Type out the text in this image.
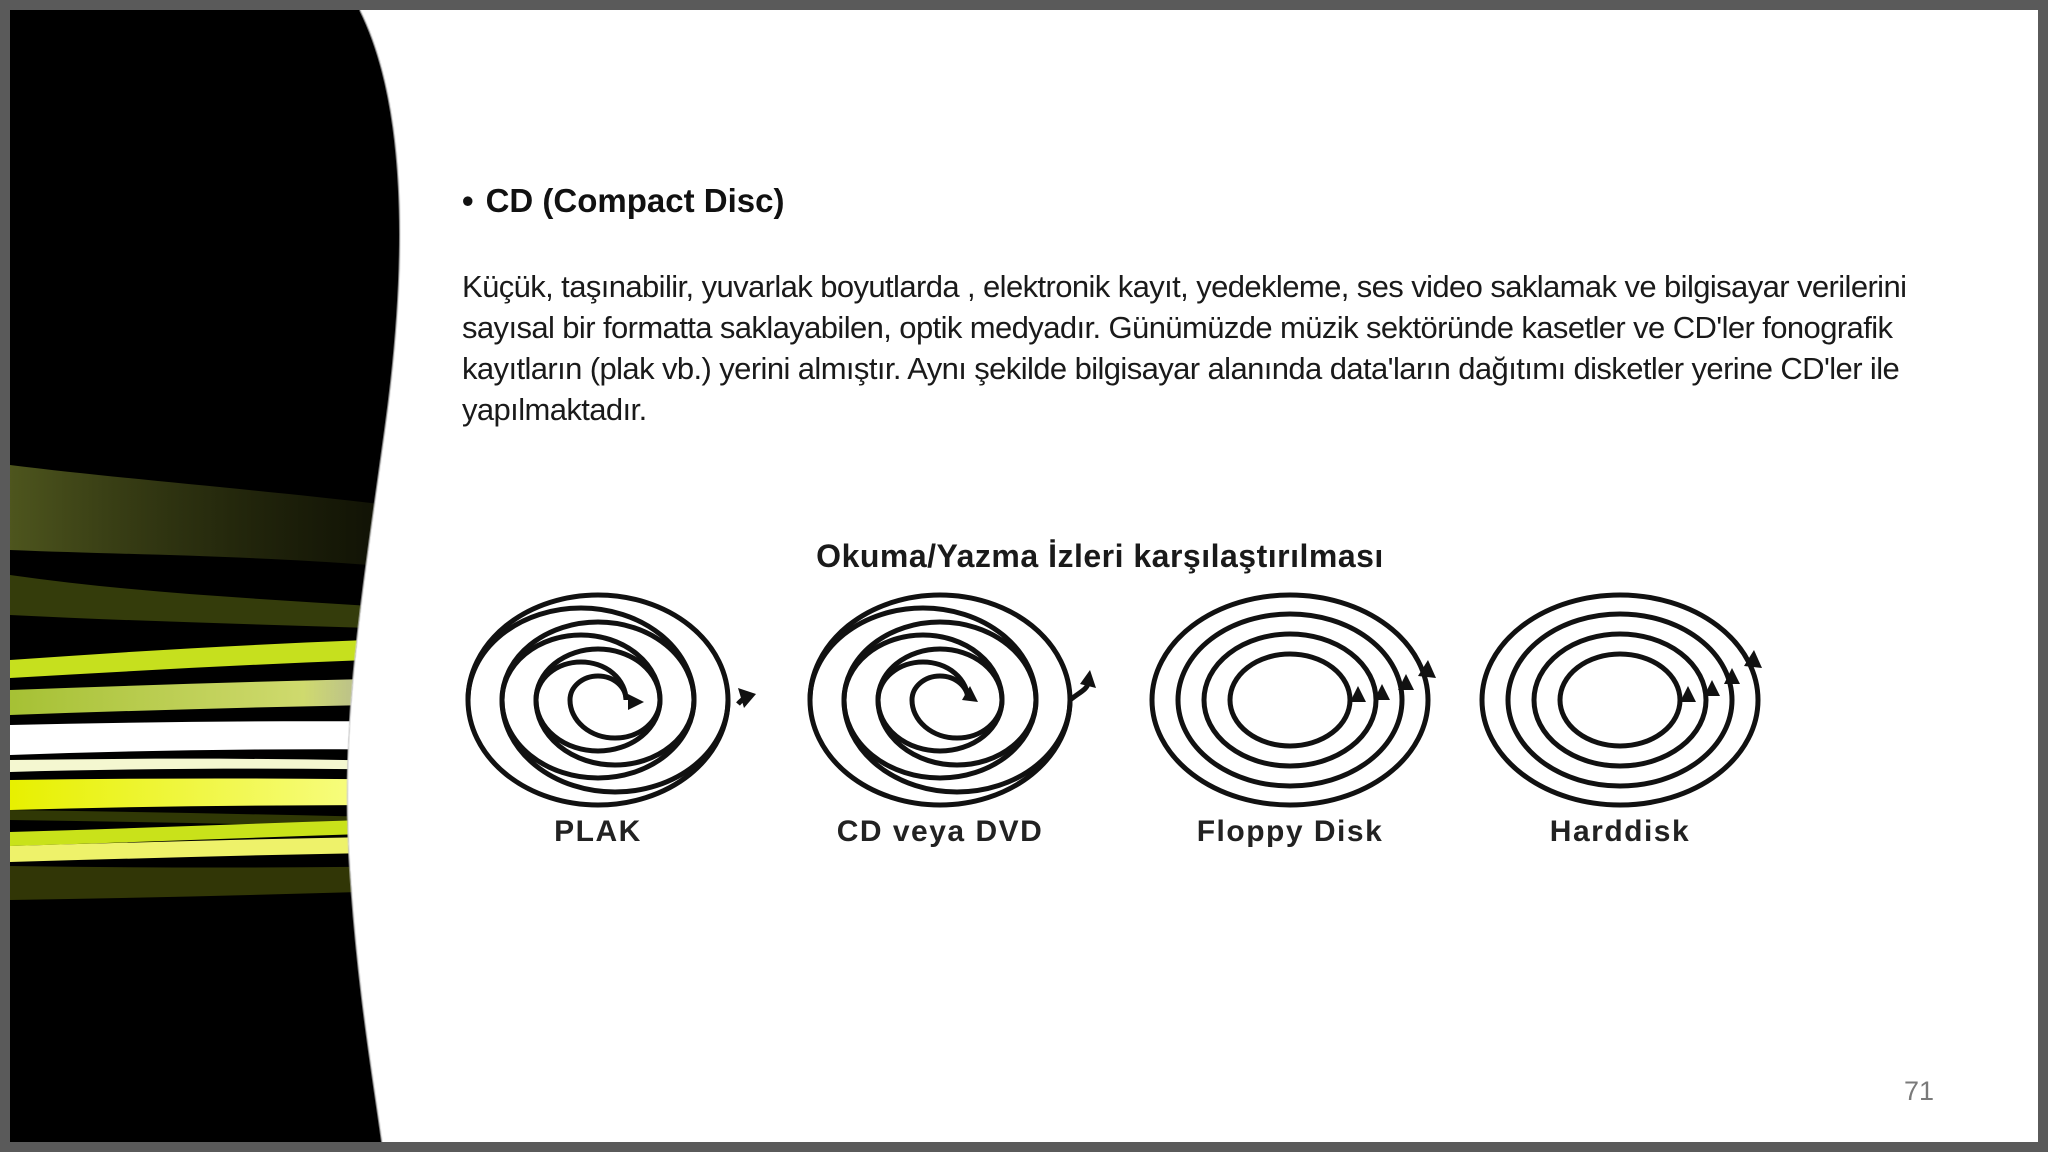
• CD (Compact Disc)
Küçük, taşınabilir, yuvarlak boyutlarda , elektronik kayıt, yedekleme, ses video saklamak ve bilgisayar verilerini sayısal bir formatta saklayabilen, optik medyadır. Günümüzde müzik sektöründe kasetler ve CD'ler fonografik kayıtların (plak vb.) yerini almıştır. Aynı şekilde bilgisayar alanında data'ların dağıtımı disketler yerine CD'ler ile yapılmaktadır.
Okuma/Yazma İzleri karşılaştırılması
PLAK	CD veya DVD	Floppy Disk	Harddisk
71
